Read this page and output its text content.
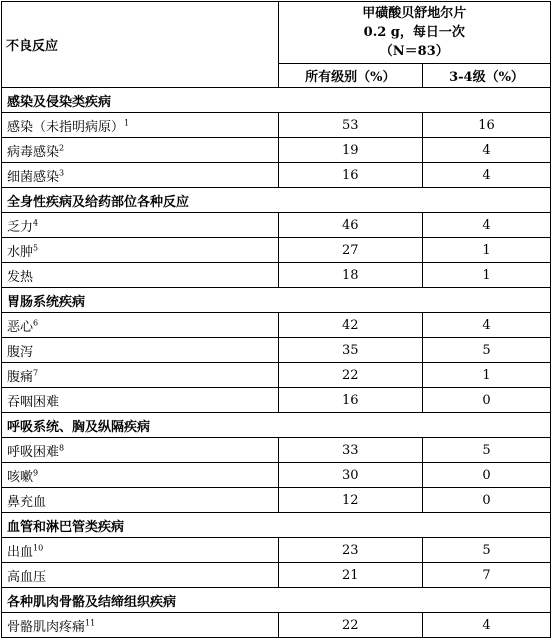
不良反应	甲磺酸贝舒地尔片
0.2 g，每日一次
（N＝83）	

	所有级别（%）	3-4级（%）
感染及侵染类疾病		
感染（未指明病原）$^1$	53	16
病毒感染$^2$	19	4
细菌感染$^3$	16	4
全身性疾病及给药部位各种反应		
乏力$^4$	46	4
水肿$^5$	27	1
发热	18	1
胃肠系统疾病		
恶心$^6$	42	4
腹泻	35	5
腹痛$^7$	22	1
吞咽困难	16	0
呼吸系统、胸及纵隔疾病		
呼吸困难$^8$	33	5
咳嗽$^9$	30	0
鼻充血	12	0
血管和淋巴管类疾病		
出血$^{10}$	23	5
高血压	21	7
各种肌肉骨骼及结缔组织疾病		
骨骼肌肉疼痛$^{11}$	22	4
